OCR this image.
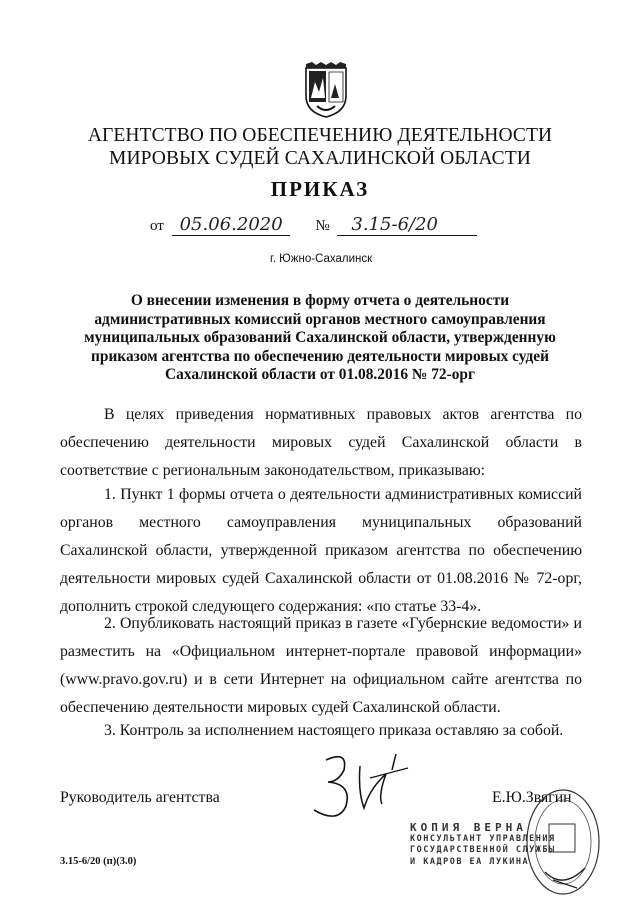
АГЕНТСТВО ПО ОБЕСПЕЧЕНИЮ ДЕЯТЕЛЬНОСТИ
МИРОВЫХ СУДЕЙ САХАЛИНСКОЙ ОБЛАСТИ
ПРИКАЗ
от 05.06.2020 № 3.15-6/20
г. Южно-Сахалинск
О внесении изменения в форму отчета о деятельности
административных комиссий органов местного самоуправления
муниципальных образований Сахалинской области, утвержденную
приказом агентства по обеспечению деятельности мировых судей
Сахалинской области от 01.08.2016 № 72-орг
В целях приведения нормативных правовых актов агентства по обеспечению деятельности мировых судей Сахалинской области в соответствие с региональным законодательством, приказываю:
1. Пункт 1 формы отчета о деятельности административных комиссий органов местного самоуправления муниципальных образований Сахалинской области, утвержденной приказом агентства по обеспечению деятельности мировых судей Сахалинской области от 01.08.2016 № 72-орг, дополнить строкой следующего содержания: «по статье 33-4».
2. Опубликовать настоящий приказ в газете «Губернские ведомости» и разместить на «Официальном интернет-портале правовой информации» (www.pravo.gov.ru) и в сети Интернет на официальном сайте агентства по обеспечению деятельности мировых судей Сахалинской области.
3. Контроль за исполнением настоящего приказа оставляю за собой.
Руководитель агентства	Е.Ю.Звягин
КОПИЯ ВЕРНА
КОНСУЛЬТАНТ УПРАВЛЕНИЯ
ГОСУДАРСТВЕННОЙ СЛУЖБЫ
И КАДРОВ ЕА ЛУКИНА
3.15-6/20 (п)(3.0)
